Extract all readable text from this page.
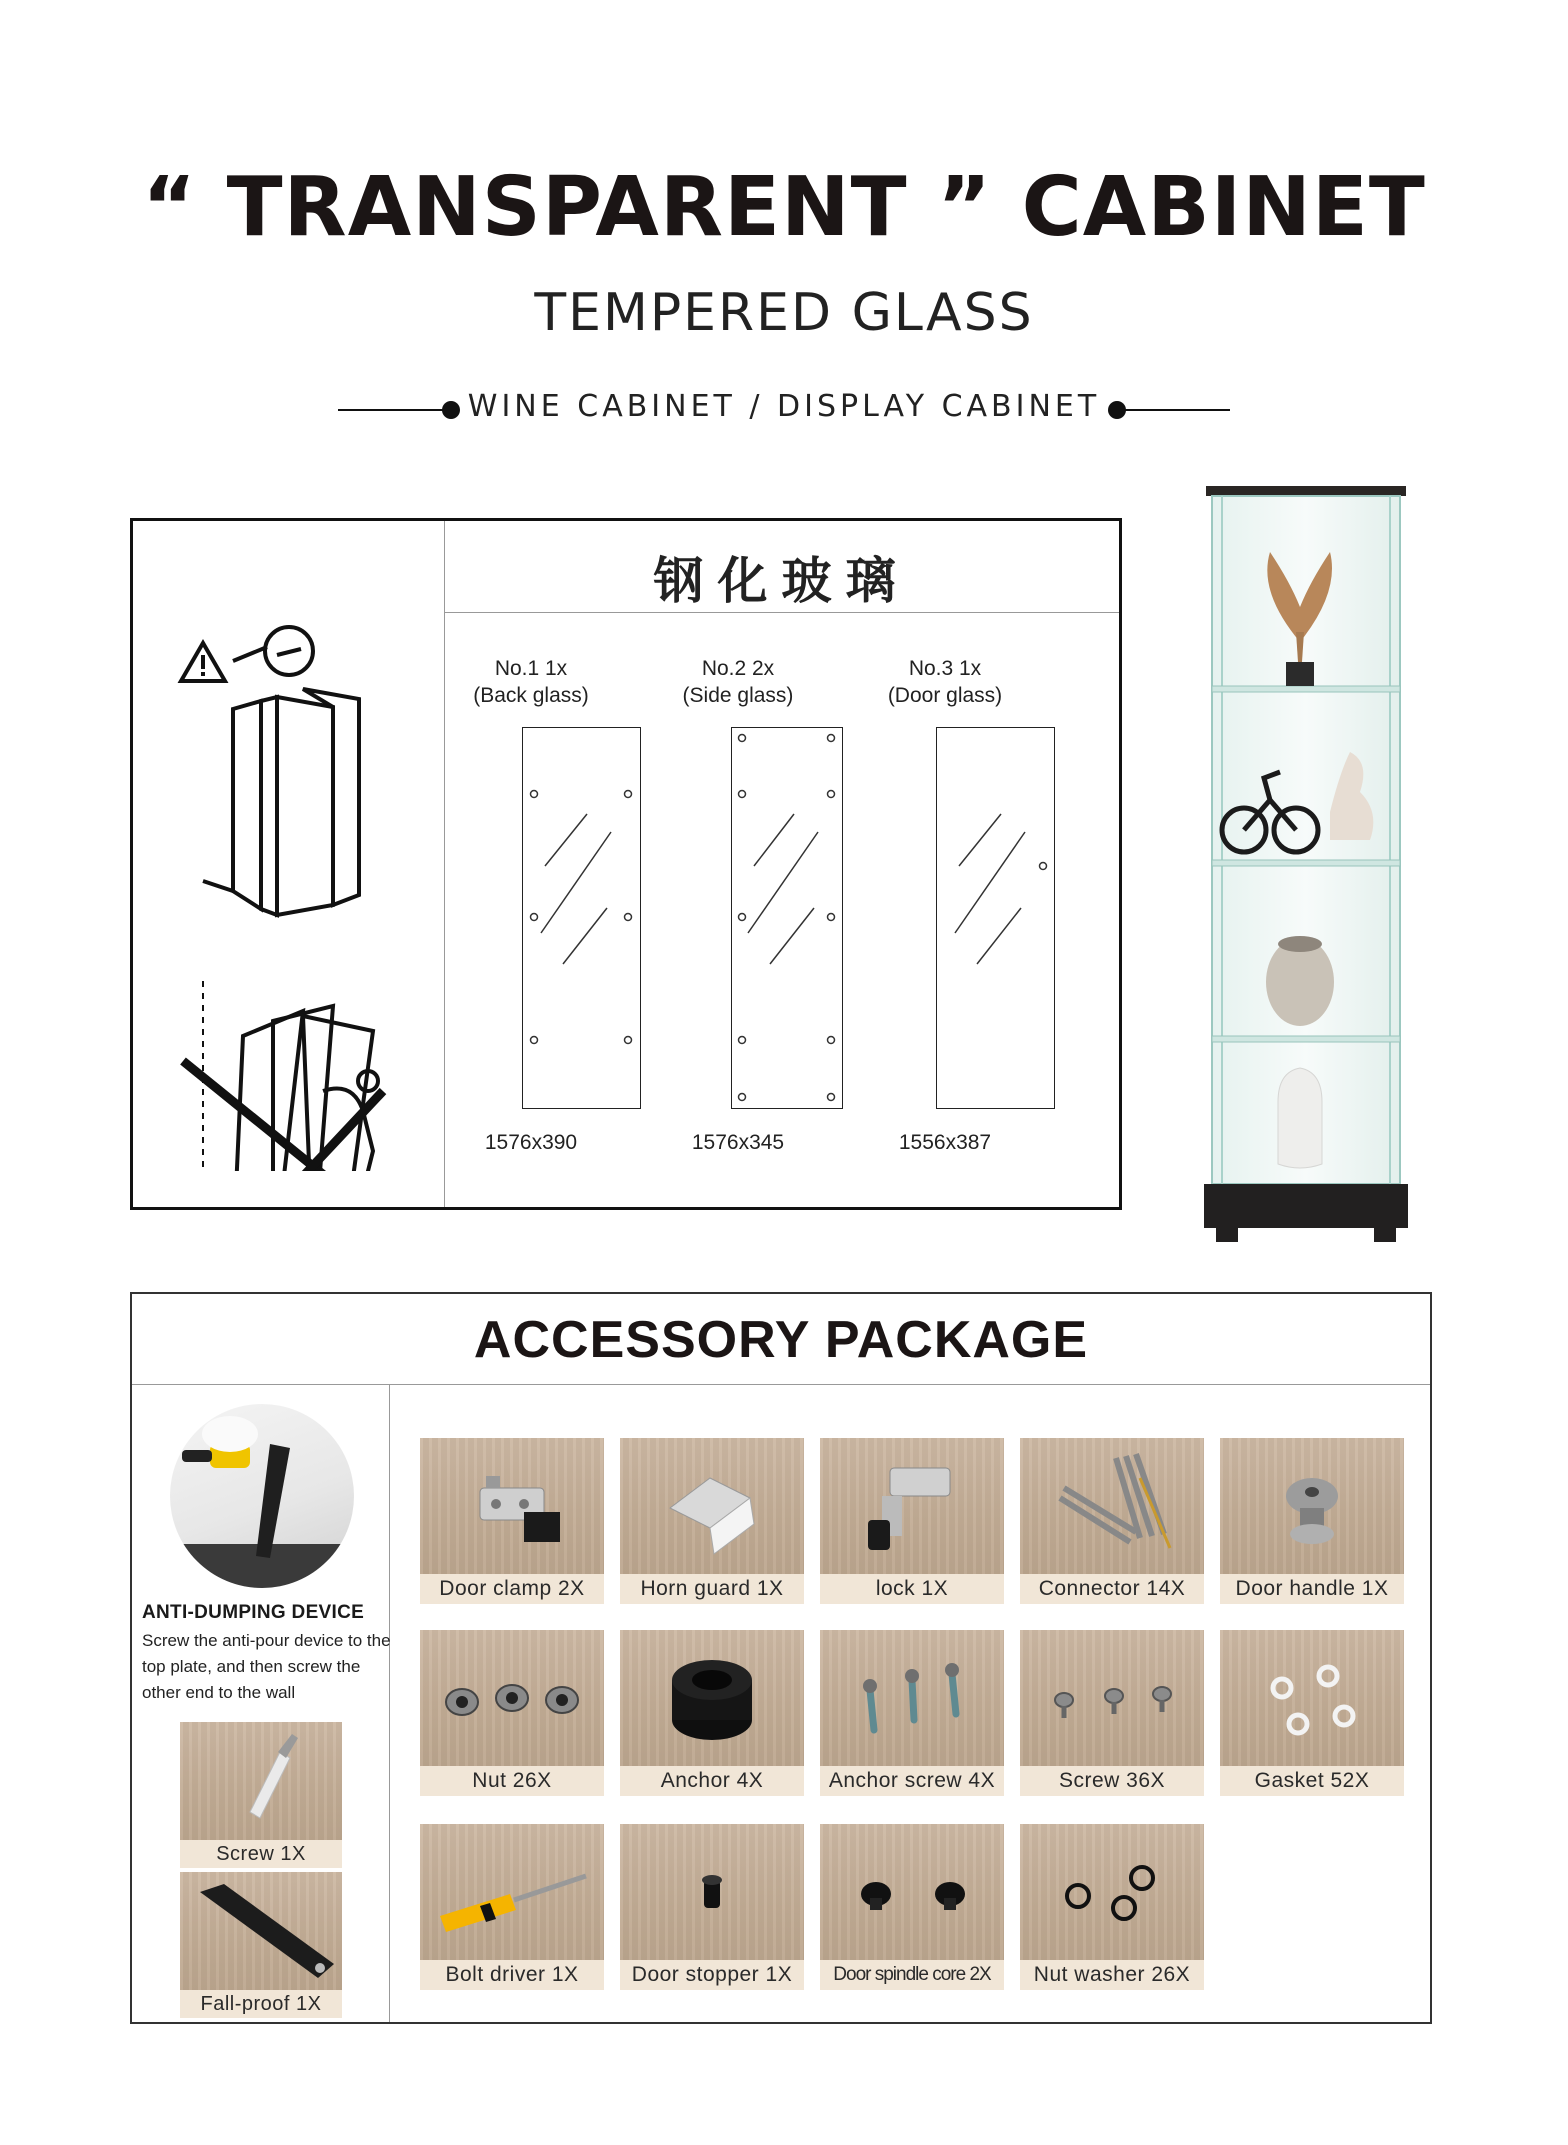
“ TRANSPARENT ” CABINET
TEMPERED GLASS
WINE CABINET / DISPLAY CABINET
钢化玻璃
No.1 1x
(Back glass)
1576x390
No.2 2x
(Side glass)
1576x345
No.3 1x
(Door glass)
1556x387
ACCESSORY PACKAGE
ANTI-DUMPING DEVICE
Screw the anti-pour device to the top plate, and then screw the other end to the wall
Screw 1X
Fall-proof 1X
Door clamp 2X	Horn guard 1X	lock 1X	Connector 14X	Door handle 1X
Nut 26X	Anchor 4X	Anchor screw 4X	Screw 36X	Gasket 52X
Bolt driver 1X	Door stopper 1X	Door spindle core 2X	Nut washer 26X
